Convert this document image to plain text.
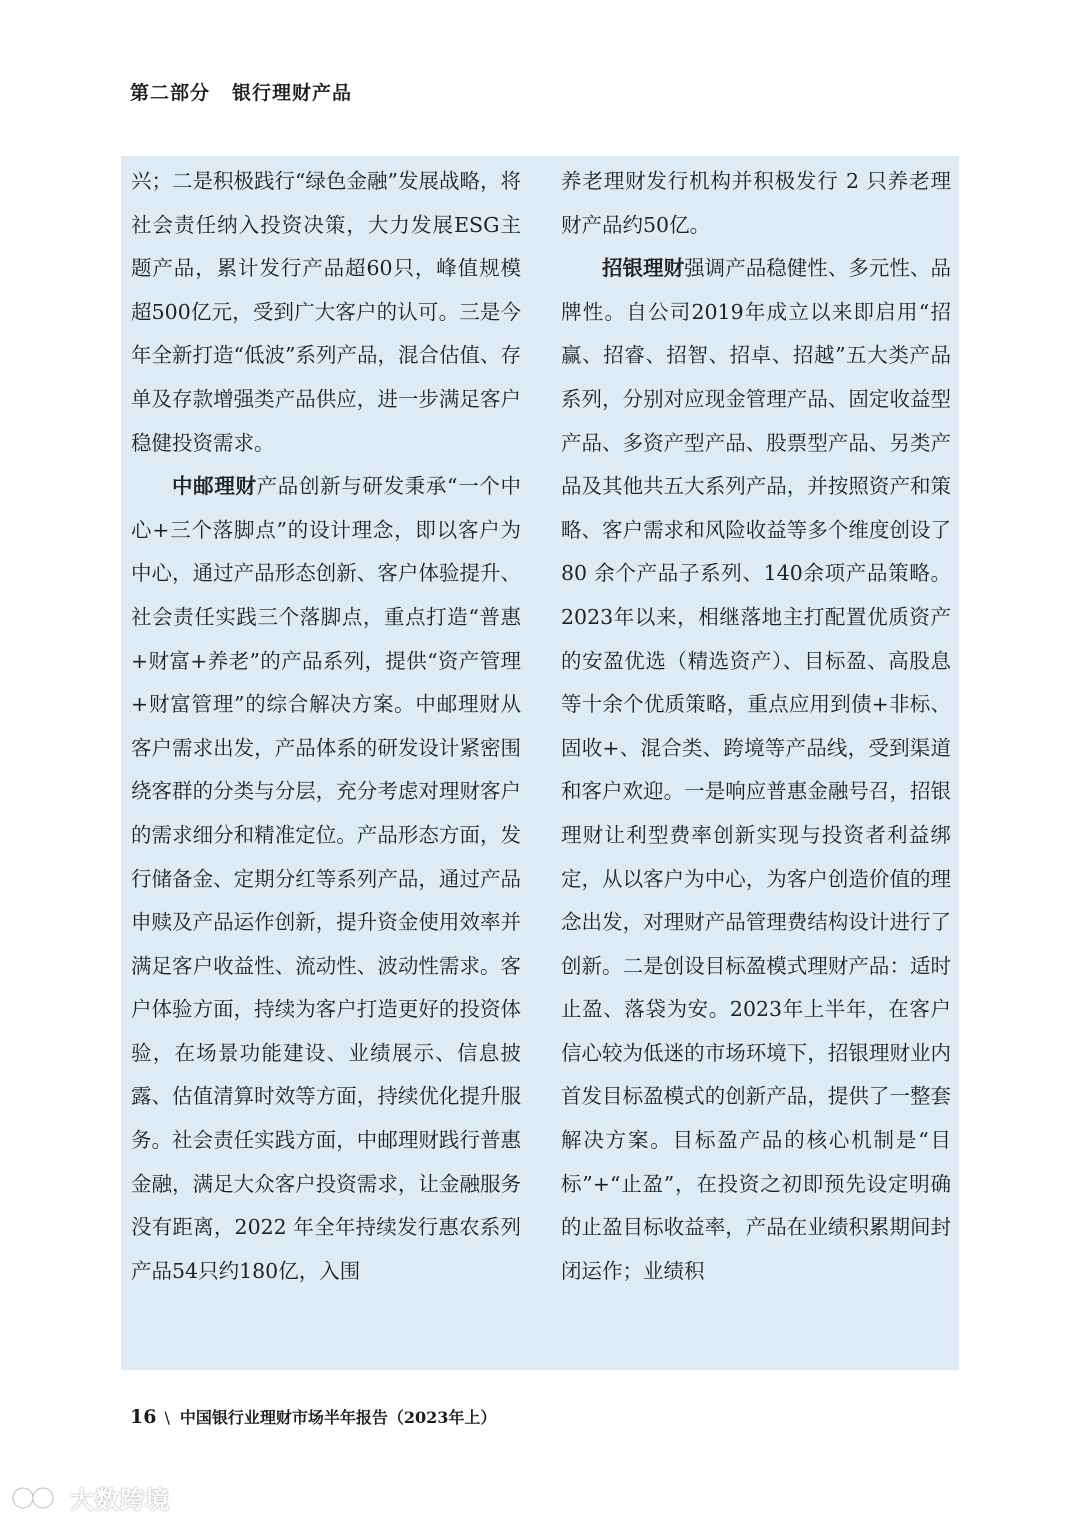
第二部分 银行理财产品

兴；二是积极践行“绿色金融”发展战略，将社会责任纳入投资决策，大力发展ESG主题产品，累计发行产品超60只，峰值规模超500亿元，受到广大客户的认可。三是今年全新打造“低波”系列产品，混合估值、存单及存款增强类产品供应，进一步满足客户稳健投资需求。

中邮理财产品创新与研发秉承“一个中心+三个落脚点”的设计理念，即以客户为中心，通过产品形态创新、客户体验提升、社会责任实践三个落脚点，重点打造“普惠+财富+养老”的产品系列，提供“资产管理+财富管理”的综合解决方案。中邮理财从客户需求出发，产品体系的研发设计紧密围绕客群的分类与分层，充分考虑对理财客户的需求细分和精准定位。产品形态方面，发行储备金、定期分红等系列产品，通过产品申赎及产品运作创新，提升资金使用效率并满足客户收益性、流动性、波动性需求。客户体验方面，持续为客户打造更好的投资体验，在场景功能建设、业绩展示、信息披露、估值清算时效等方面，持续优化提升服务。社会责任实践方面，中邮理财践行普惠金融，满足大众客户投资需求，让金融服务没有距离，2022 年全年持续发行惠农系列产品54只约180亿，入围

养老理财发行机构并积极发行 2 只养老理财产品约50亿。

招银理财强调产品稳健性、多元性、品牌性。自公司2019年成立以来即启用“招赢、招睿、招智、招卓、招越”五大类产品系列，分别对应现金管理产品、固定收益型产品、多资产型产品、股票型产品、另类产品及其他共五大系列产品，并按照资产和策略、客户需求和风险收益等多个维度创设了 80 余个产品子系列、140余项产品策略。2023年以来，相继落地主打配置优质资产的安盈优选（精选资产）、目标盈、高股息等十余个优质策略，重点应用到债+非标、固收+、混合类、跨境等产品线，受到渠道和客户欢迎。一是响应普惠金融号召，招银理财让利型费率创新实现与投资者利益绑定，从以客户为中心，为客户创造价值的理念出发，对理财产品管理费结构设计进行了创新。二是创设目标盈模式理财产品：适时止盈、落袋为安。2023年上半年，在客户信心较为低迷的市场环境下，招银理财业内首发目标盈模式的创新产品，提供了一整套解决方案。目标盈产品的核心机制是“目标”+“止盈”，在投资之初即预先设定明确的止盈目标收益率，产品在业绩积累期间封闭运作；业绩积

16 \ 中国银行业理财市场半年报告（2023年上）
大数跨境
